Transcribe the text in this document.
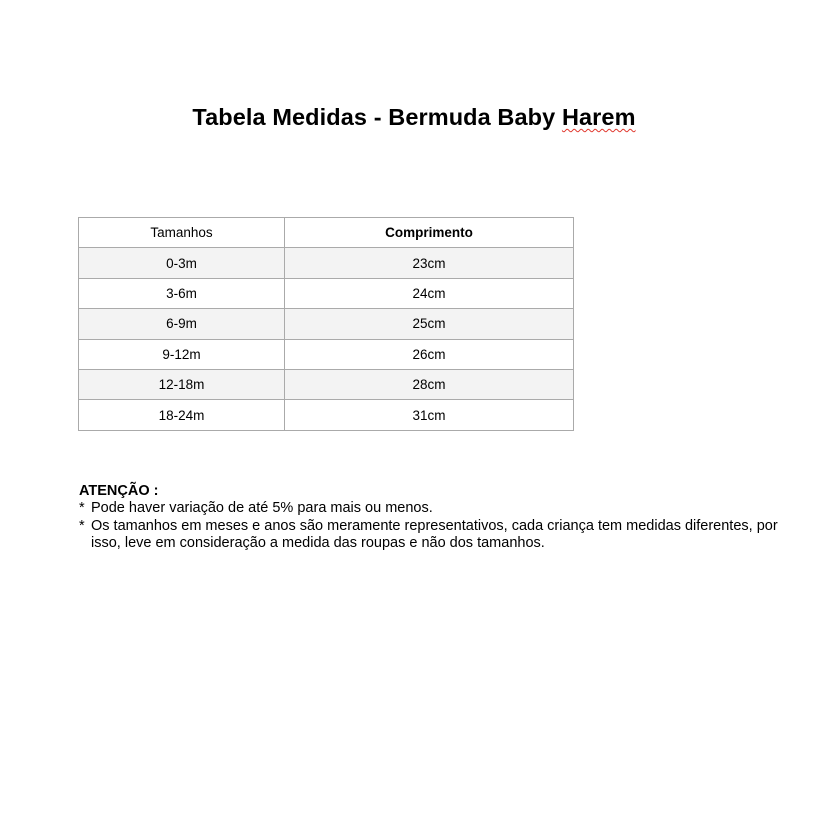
Tabela Medidas - Bermuda Baby Harem
Tamanhos	Comprimento
0-3m	23cm
3-6m	24cm
6-9m	25cm
9-12m	26cm
12-18m	28cm
18-24m	31cm
ATENÇÃO :
* Pode haver variação de até 5% para mais ou menos.
* Os tamanhos em meses e anos são meramente representativos, cada criança tem medidas diferentes, por isso, leve em consideração a medida das roupas e não dos tamanhos.
